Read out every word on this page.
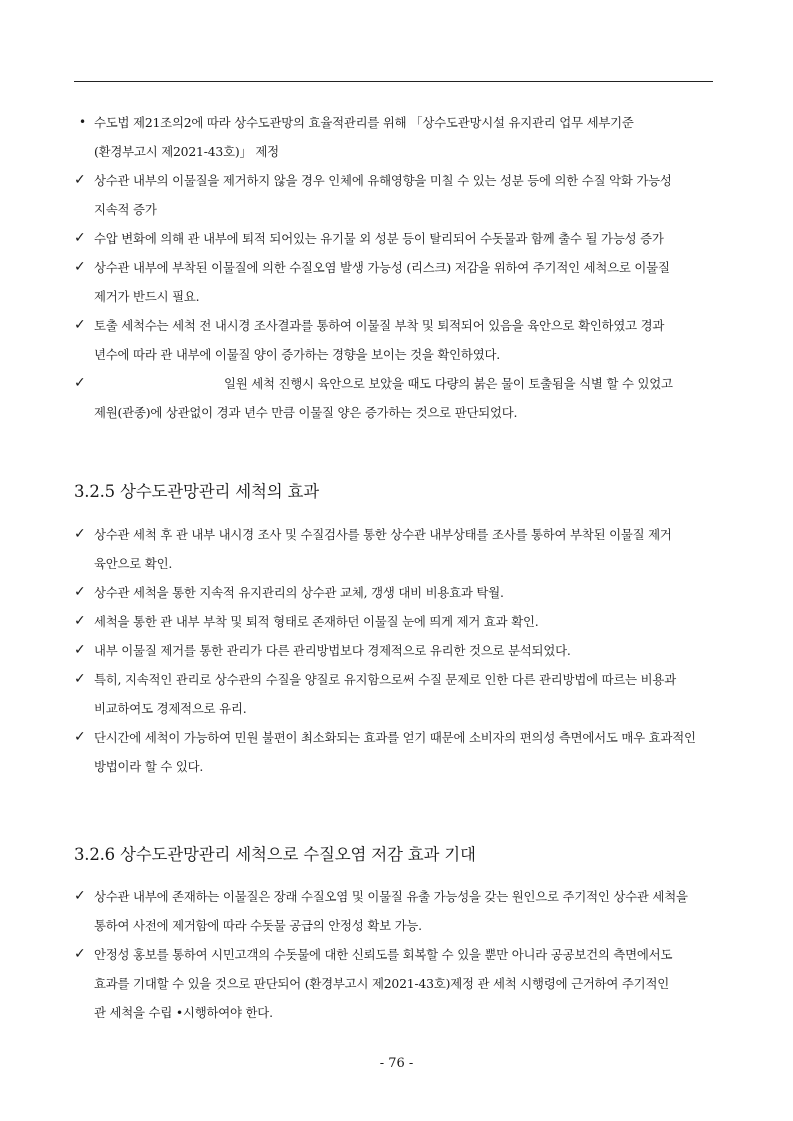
• 수도법 제21조의2에 따라 상수도관망의 효율적관리를 위해 「상수도관망시설 유지관리 업무 세부기준
(환경부고시 제2021-43호)」 제정
✓ 상수관 내부의 이물질을 제거하지 않을 경우 인체에 유해영향을 미칠 수 있는 성분 등에 의한 수질 악화 가능성
지속적 증가
✓ 수압 변화에 의해 관 내부에 퇴적 되어있는 유기물 외 성분 등이 탈리되어 수돗물과 함께 출수 될 가능성 증가
✓ 상수관 내부에 부착된 이물질에 의한 수질오염 발생 가능성 (리스크) 저감을 위하여 주기적인 세척으로 이물질
제거가 반드시 필요.
✓ 토출 세척수는 세척 전 내시경 조사결과를 통하여 이물질 부착 및 퇴적되어 있음을 육안으로 확인하였고 경과
년수에 따라 관 내부에 이물질 양이 증가하는 경향을 보이는 것을 확인하였다.
✓	일원 세척 진행시 육안으로 보았을 때도 다량의 붉은 물이 토출됨을 식별 할 수 있었고
제원(관종)에 상관없이 경과 년수 만큼 이물질 양은 증가하는 것으로 판단되었다.
3.2.5 상수도관망관리 세척의 효과
✓ 상수관 세척 후 관 내부 내시경 조사 및 수질검사를 통한 상수관 내부상태를 조사를 통하여 부착된 이물질 제거
육안으로 확인.
✓ 상수관 세척을 통한 지속적 유지관리의 상수관 교체, 갱생 대비 비용효과 탁월.
✓ 세척을 통한 관 내부 부착 및 퇴적 형태로 존재하던 이물질 눈에 띄게 제거 효과 확인.
✓ 내부 이물질 제거를 통한 관리가 다른 관리방법보다 경제적으로 유리한 것으로 분석되었다.
✓ 특히, 지속적인 관리로 상수관의 수질을 양질로 유지함으로써 수질 문제로 인한 다른 관리방법에 따르는 비용과
비교하여도 경제적으로 유리.
✓ 단시간에 세척이 가능하여 민원 불편이 최소화되는 효과를 얻기 때문에 소비자의 편의성 측면에서도 매우 효과적인
방법이라 할 수 있다.
3.2.6 상수도관망관리 세척으로 수질오염 저감 효과 기대
✓ 상수관 내부에 존재하는 이물질은 장래 수질오염 및 이물질 유출 가능성을 갖는 원인으로 주기적인 상수관 세척을
통하여 사전에 제거함에 따라 수돗물 공급의 안정성 확보 가능.
✓ 안정성 홍보를 통하여 시민고객의 수돗물에 대한 신뢰도를 회복할 수 있을 뿐만 아니라 공공보건의 측면에서도
효과를 기대할 수 있을 것으로 판단되어 (환경부고시 제2021-43호)제정 관 세척 시행령에 근거하여 주기적인
관 세척을 수립 •시행하여야 한다.
- 76 -
